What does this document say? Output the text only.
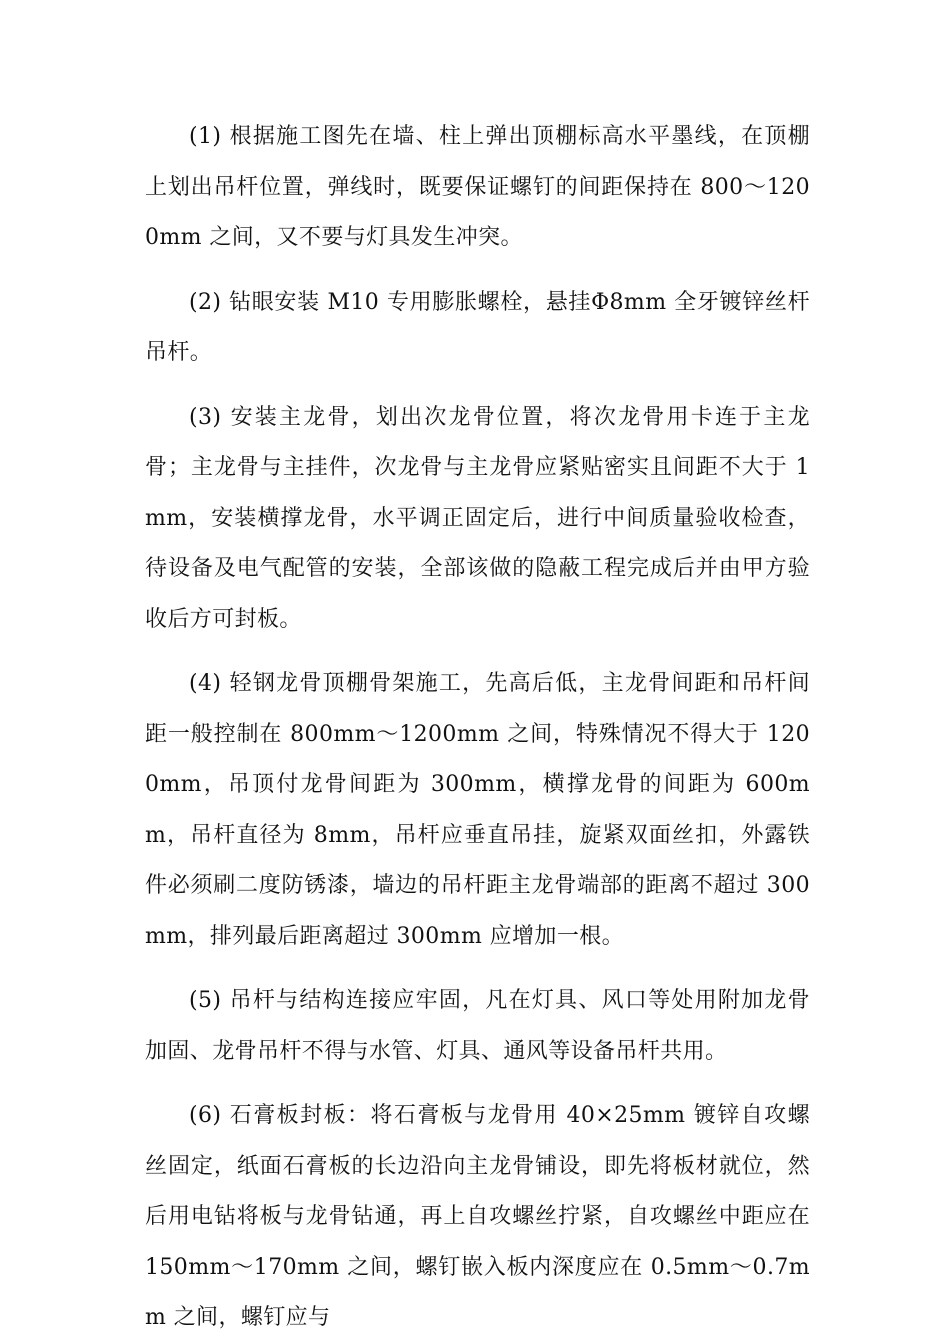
(1) 根据施工图先在墙、柱上弹出顶棚标高水平墨线，在顶棚上划出吊杆位置，弹线时，既要保证螺钉的间距保持在 800～1200mm 之间，又不要与灯具发生冲突。

(2) 钻眼安装 M10 专用膨胀螺栓，悬挂Φ8mm 全牙镀锌丝杆吊杆。

(3) 安装主龙骨，划出次龙骨位置，将次龙骨用卡连于主龙骨；主龙骨与主挂件，次龙骨与主龙骨应紧贴密实且间距不大于 1mm，安装横撑龙骨，水平调正固定后，进行中间质量验收检查，待设备及电气配管的安装，全部该做的隐蔽工程完成后并由甲方验收后方可封板。

(4) 轻钢龙骨顶棚骨架施工，先高后低，主龙骨间距和吊杆间距一般控制在 800mm～1200mm 之间，特殊情况不得大于 1200mm，吊顶付龙骨间距为 300mm，横撑龙骨的间距为 600mm，吊杆直径为 8mm，吊杆应垂直吊挂，旋紧双面丝扣，外露铁件必须刷二度防锈漆，墙边的吊杆距主龙骨端部的距离不超过 300mm，排列最后距离超过 300mm 应增加一根。

(5) 吊杆与结构连接应牢固，凡在灯具、风口等处用附加龙骨加固、龙骨吊杆不得与水管、灯具、通风等设备吊杆共用。

(6) 石膏板封板：将石膏板与龙骨用 40×25mm 镀锌自攻螺丝固定，纸面石膏板的长边沿向主龙骨铺设，即先将板材就位，然后用电钻将板与龙骨钻通，再上自攻螺丝拧紧，自攻螺丝中距应在 150mm～170mm 之间，螺钉嵌入板内深度应在 0.5mm～0.7mm 之间，螺钉应与
